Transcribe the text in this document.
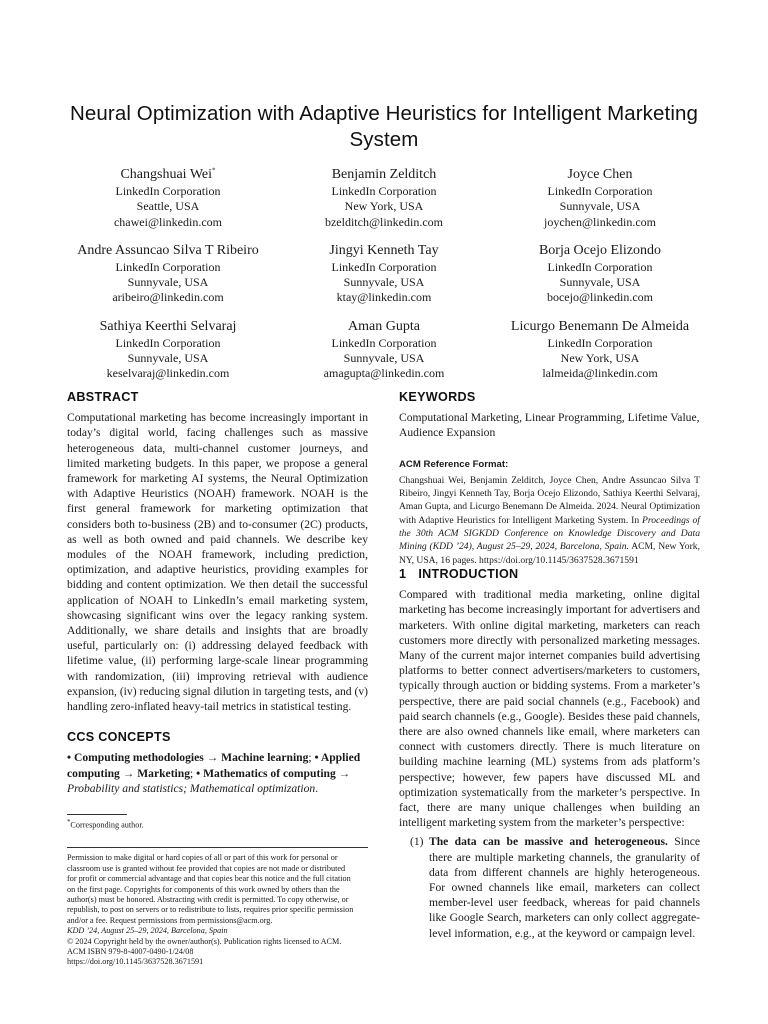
Neural Optimization with Adaptive Heuristics for Intelligent Marketing System
Changshuai Wei*
LinkedIn Corporation
Seattle, USA
chawei@linkedin.com
Benjamin Zelditch
LinkedIn Corporation
New York, USA
bzelditch@linkedin.com
Joyce Chen
LinkedIn Corporation
Sunnyvale, USA
joychen@linkedin.com
Andre Assuncao Silva T Ribeiro
LinkedIn Corporation
Sunnyvale, USA
aribeiro@linkedin.com
Jingyi Kenneth Tay
LinkedIn Corporation
Sunnyvale, USA
ktay@linkedin.com
Borja Ocejo Elizondo
LinkedIn Corporation
Sunnyvale, USA
bocejo@linkedin.com
Sathiya Keerthi Selvaraj
LinkedIn Corporation
Sunnyvale, USA
keselvaraj@linkedin.com
Aman Gupta
LinkedIn Corporation
Sunnyvale, USA
amagupta@linkedin.com
Licurgo Benemann De Almeida
LinkedIn Corporation
New York, USA
lalmeida@linkedin.com
ABSTRACT

Computational marketing has become increasingly important in today’s digital world, facing challenges such as massive heterogeneous data, multi-channel customer journeys, and limited marketing budgets. In this paper, we propose a general framework for marketing AI systems, the Neural Optimization with Adaptive Heuristics (NOAH) framework. NOAH is the first general framework for marketing optimization that considers both to-business (2B) and to-consumer (2C) products, as well as both owned and paid channels. We describe key modules of the NOAH framework, including prediction, optimization, and adaptive heuristics, providing examples for bidding and content optimization. We then detail the successful application of NOAH to LinkedIn’s email marketing system, showcasing significant wins over the legacy ranking system. Additionally, we share details and insights that are broadly useful, particularly on: (i) addressing delayed feedback with lifetime value, (ii) performing large-scale linear programming with randomization, (iii) improving retrieval with audience expansion, (iv) reducing signal dilution in targeting tests, and (v) handling zero-inflated heavy-tail metrics in statistical testing.

CCS CONCEPTS

• Computing methodologies → Machine learning; • Applied computing → Marketing; • Mathematics of computing → Probability and statistics; Mathematical optimization.

*Corresponding author.
Permission to make digital or hard copies of all or part of this work for personal or
classroom use is granted without fee provided that copies are not made or distributed
for profit or commercial advantage and that copies bear this notice and the full citation
on the first page. Copyrights for components of this work owned by others than the
author(s) must be honored. Abstracting with credit is permitted. To copy otherwise, or
republish, to post on servers or to redistribute to lists, requires prior specific permission
and/or a fee. Request permissions from permissions@acm.org.
KDD ’24, August 25–29, 2024, Barcelona, Spain
© 2024 Copyright held by the owner/author(s). Publication rights licensed to ACM.
ACM ISBN 979-8-4007-0490-1/24/08
https://doi.org/10.1145/3637528.3671591
KEYWORDS

Computational Marketing, Linear Programming, Lifetime Value, Audience Expansion

ACM Reference Format:
Changshuai Wei, Benjamin Zelditch, Joyce Chen, Andre Assuncao Silva T Ribeiro, Jingyi Kenneth Tay, Borja Ocejo Elizondo, Sathiya Keerthi Selvaraj, Aman Gupta, and Licurgo Benemann De Almeida. 2024. Neural Optimization with Adaptive Heuristics for Intelligent Marketing System. In Proceedings of the 30th ACM SIGKDD Conference on Knowledge Discovery and Data Mining (KDD ’24), August 25–29, 2024, Barcelona, Spain. ACM, New York, NY, USA, 16 pages. https://doi.org/10.1145/3637528.3671591
1 INTRODUCTION

Compared with traditional media marketing, online digital marketing has become increasingly important for advertisers and marketers. With online digital marketing, marketers can reach customers more directly with personalized marketing messages. Many of the current major internet companies build advertising platforms to better connect advertisers/marketers to customers, typically through auction or bidding systems. From a marketer’s perspective, there are paid social channels (e.g., Facebook) and paid search channels (e.g., Google). Besides these paid channels, there are also owned channels like email, where marketers can connect with customers directly. There is much literature on building machine learning (ML) systems from ads platform’s perspective; however, few papers have discussed ML and optimization systematically from the marketer’s perspective. In fact, there are many unique challenges when building an intelligent marketing system from the marketer’s perspective:

(1) The data can be massive and heterogeneous. Since there are multiple marketing channels, the granularity of data from different channels are highly heterogeneous. For owned channels like email, marketers can collect member-level user feedback, whereas for paid channels like Google Search, marketers can only collect aggregate-level information, e.g., at the keyword or campaign level.
